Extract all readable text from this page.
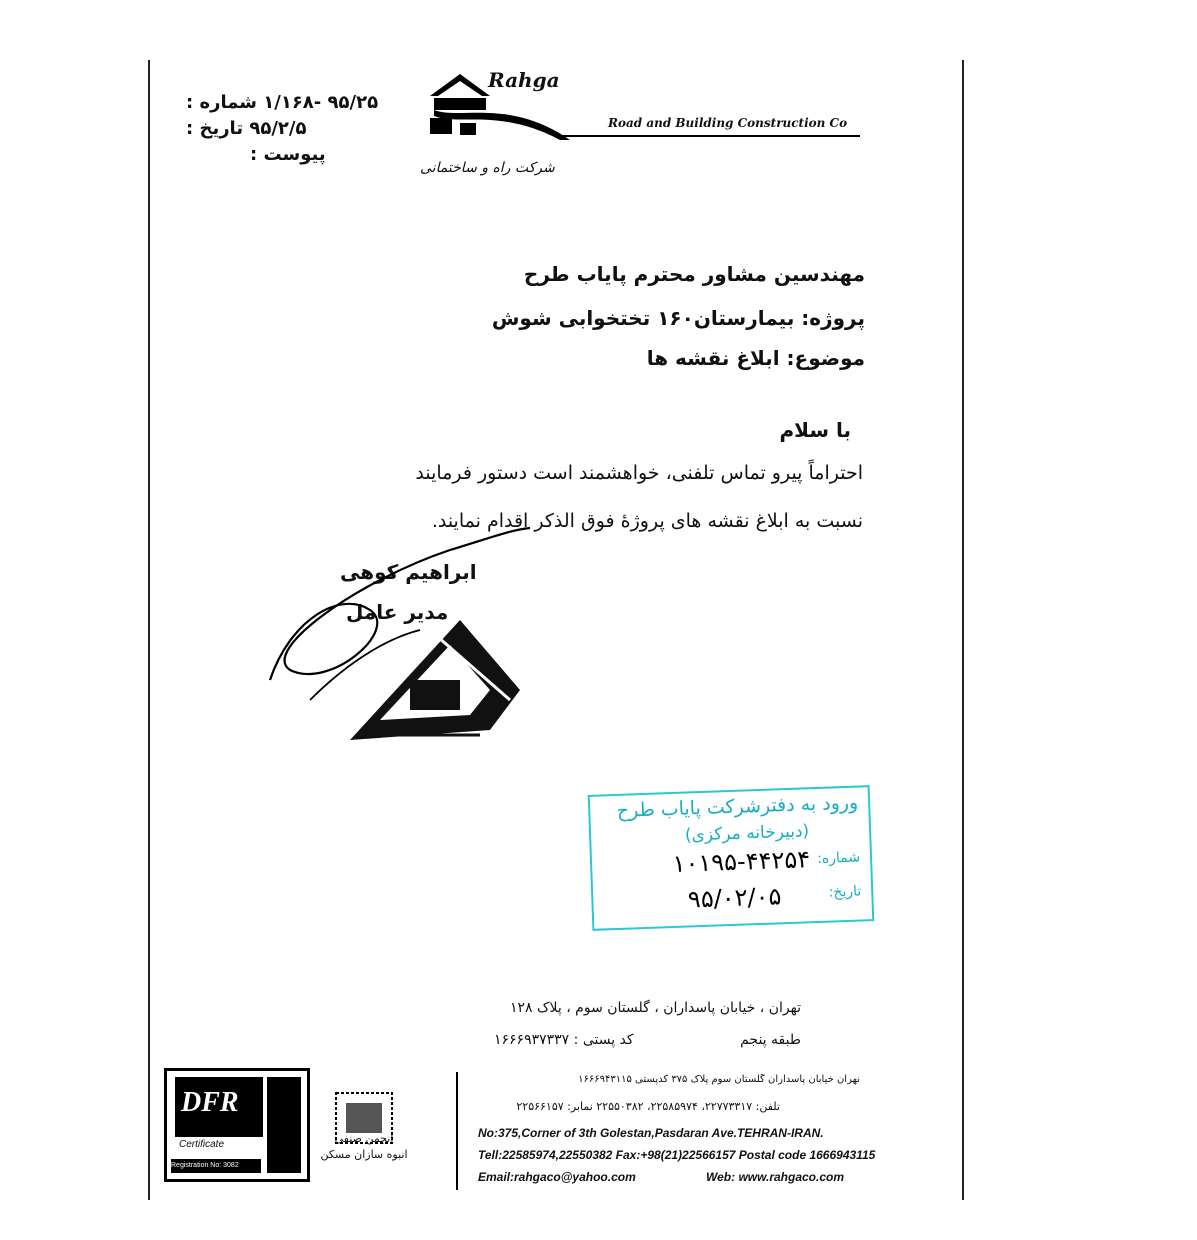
شماره : ۹۵/۲۵ -۱/۱۶۸
تاریخ : ۹۵/۲/۵
پیوست :
Rahga
Road and Building Construction Co
شرکت راه و ساختمانی
مهندسین مشاور محترم پایاب طرح
پروژه: بیمارستان۱۶۰ تختخوابی شوش
موضوع: ابلاغ نقشه ها
با سلام
احتراماً پیرو تماس تلفنی، خواهشمند است دستور فرمایند
نسبت به ابلاغ نقشه های پروژهٔ فوق الذکر اقدام نمایند.
ابراهیم کوهی
مدیر عامل
ورود به دفترشرکت پایاب طرح
(دبیرخانه مرکزی)
شماره:
۱۰۱۹۵-۴۴۲۵۴
تاریخ:
۹۵/۰۲/۰۵
تهران ، خیابان پاسداران ، گلستان سوم ، پلاک ۱۲۸
طبقه پنجم
کد پستی : ۱۶۶۶۹۳۷۳۳۷
DFR
Certificate
Registration No: 3082
انجمن صنفی
انبوه سازان مسکن
نهران خیابان پاسداران گلستان سوم پلاک ۳۷۵ کدپستی ۱۶۶۶۹۴۳۱۱۵
تلفن: ۲۲۷۷۳۳۱۷، ۲۲۵۸۵۹۷۴، ۲۲۵۵۰۳۸۲ نمابر: ۲۲۵۶۶۱۵۷
No:375,Corner of 3th Golestan,Pasdaran Ave.TEHRAN-IRAN.
Tell:22585974,22550382 Fax:+98(21)22566157 Postal code 1666943115
Email:rahgaco@yahoo.com	Web: www.rahgaco.com
